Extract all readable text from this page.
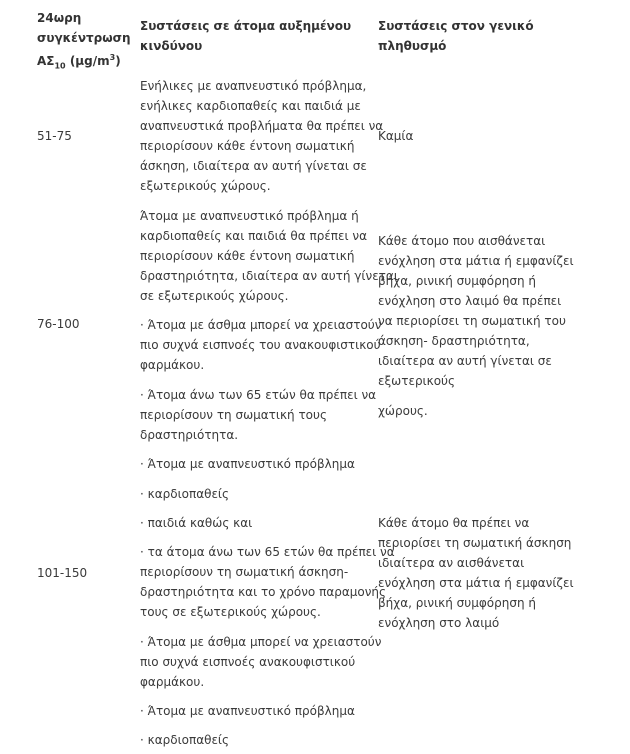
24ωρη
συγκέντρωση
$A\Sigma_{10}$ $(\mu g/m^3)$
Συστάσεις σε άτομα αυξημένου κινδύνου
Συστάσεις στον γενικό
πληθυσμό
51-75
76-100
101-150
Ενήλικες με αναπνευστικό πρόβλημα,
ενήλικες καρδιοπαθείς και παιδιά με
αναπνευστικά προβλήματα θα πρέπει να
περιορίσουν κάθε έντονη σωματική
άσκηση, ιδιαίτερα αν αυτή γίνεται σε
εξωτερικούς χώρους.
Καμία
Άτομα με αναπνευστικό πρόβλημα ή
καρδιοπαθείς και παιδιά θα πρέπει να
περιορίσουν κάθε έντονη σωματική
δραστηριότητα, ιδιαίτερα αν αυτή γίνεται
σε εξωτερικούς χώρους.
· Άτομα με άσθμα μπορεί να χρειαστούν
πιο συχνά εισπνοές του ανακουφιστικού
φαρμάκου.
· Άτομα άνω των 65 ετών θα πρέπει να
περιορίσουν τη σωματική τους
δραστηριότητα.
Κάθε άτομο που αισθάνεται
ενόχληση στα μάτια ή εμφανίζει
βήχα, ρινική συμφόρηση ή
ενόχληση στο λαιμό θα πρέπει
να περιορίσει τη σωματική του
άσκηση- δραστηριότητα,
ιδιαίτερα αν αυτή γίνεται σε
εξωτερικούς
χώρους.
· Άτομα με αναπνευστικό πρόβλημα
· καρδιοπαθείς
· παιδιά καθώς και
· τα άτομα άνω των 65 ετών θα πρέπει να
περιορίσουν τη σωματική άσκηση-
δραστηριότητα και το χρόνο παραμονής
τους σε εξωτερικούς χώρους.
· Άτομα με άσθμα μπορεί να χρειαστούν
πιο συχνά εισπνοές ανακουφιστικού
φαρμάκου.
· Άτομα με αναπνευστικό πρόβλημα
· καρδιοπαθείς
Κάθε άτομο θα πρέπει να
περιορίσει τη σωματική άσκηση
ιδιαίτερα αν αισθάνεται
ενόχληση στα μάτια ή εμφανίζει
βήχα, ρινική συμφόρηση ή
ενόχληση στο λαιμό
